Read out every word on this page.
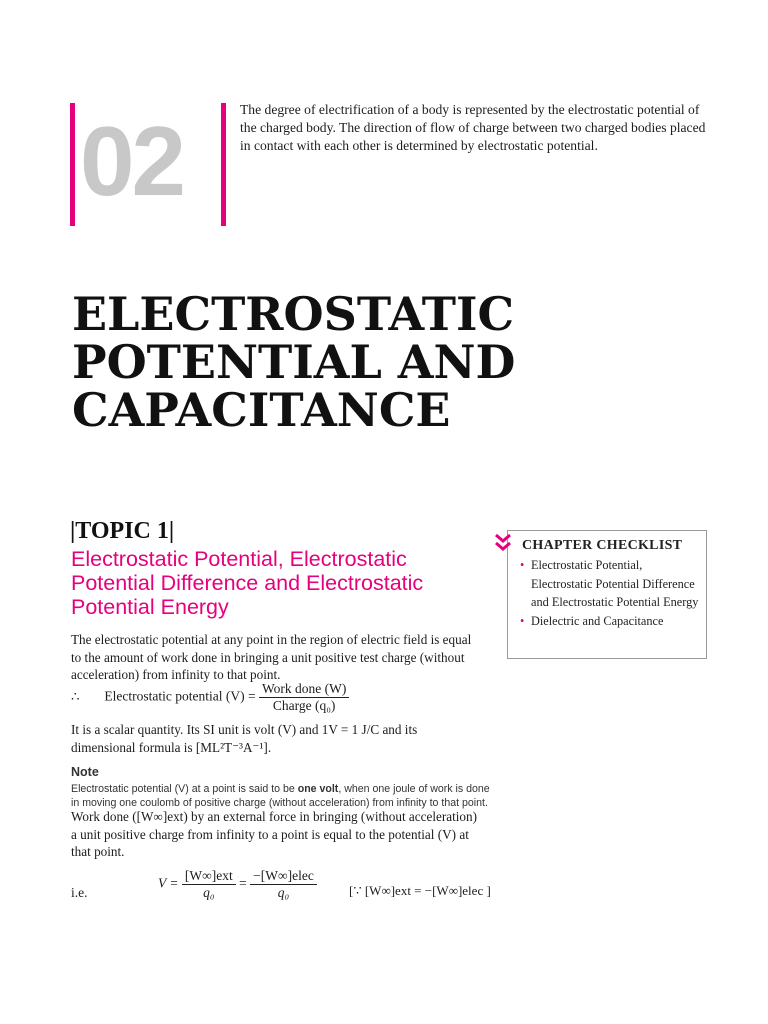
02	The degree of electrification of a body is represented by the electrostatic potential of the charged body. The direction of flow of charge between two charged bodies placed in contact with each other is determined by electrostatic potential.
ELECTROSTATIC
POTENTIAL AND
CAPACITANCE
|TOPIC 1|
Electrostatic Potential, Electrostatic Potential Difference and Electrostatic Potential Energy
The electrostatic potential at any point in the region of electric field is equal to the amount of work done in bringing a unit positive test charge (without acceleration) from infinity to that point.
∴ Electrostatic potential $(V) = \frac{\text{Work done (W)}}{\text{Charge (q₀)}}$
It is a scalar quantity. Its SI unit is volt (V) and 1V = 1 J/C and its dimensional formula is [ML²T⁻³A⁻¹].
Note
Electrostatic potential (V) at a point is said to be one volt, when one joule of work is done in moving one coulomb of positive charge (without acceleration) from infinity to that point.
Work done ([W∞]ext) by an external force in bringing (without acceleration) a unit positive charge from infinity to a point is equal to the potential (V) at that point.
i.e.
$V = \frac{\text{[W∞]ext}}{\text{q₀}} = \frac{\text{−[W∞]elec}}{\text{q₀}}$ [∵ [W∞]ext = −[W∞]elec ]
CHAPTER CHECKLIST
• Electrostatic Potential, Electrostatic Potential Difference and Electrostatic Potential Energy
• Dielectric and Capacitance
